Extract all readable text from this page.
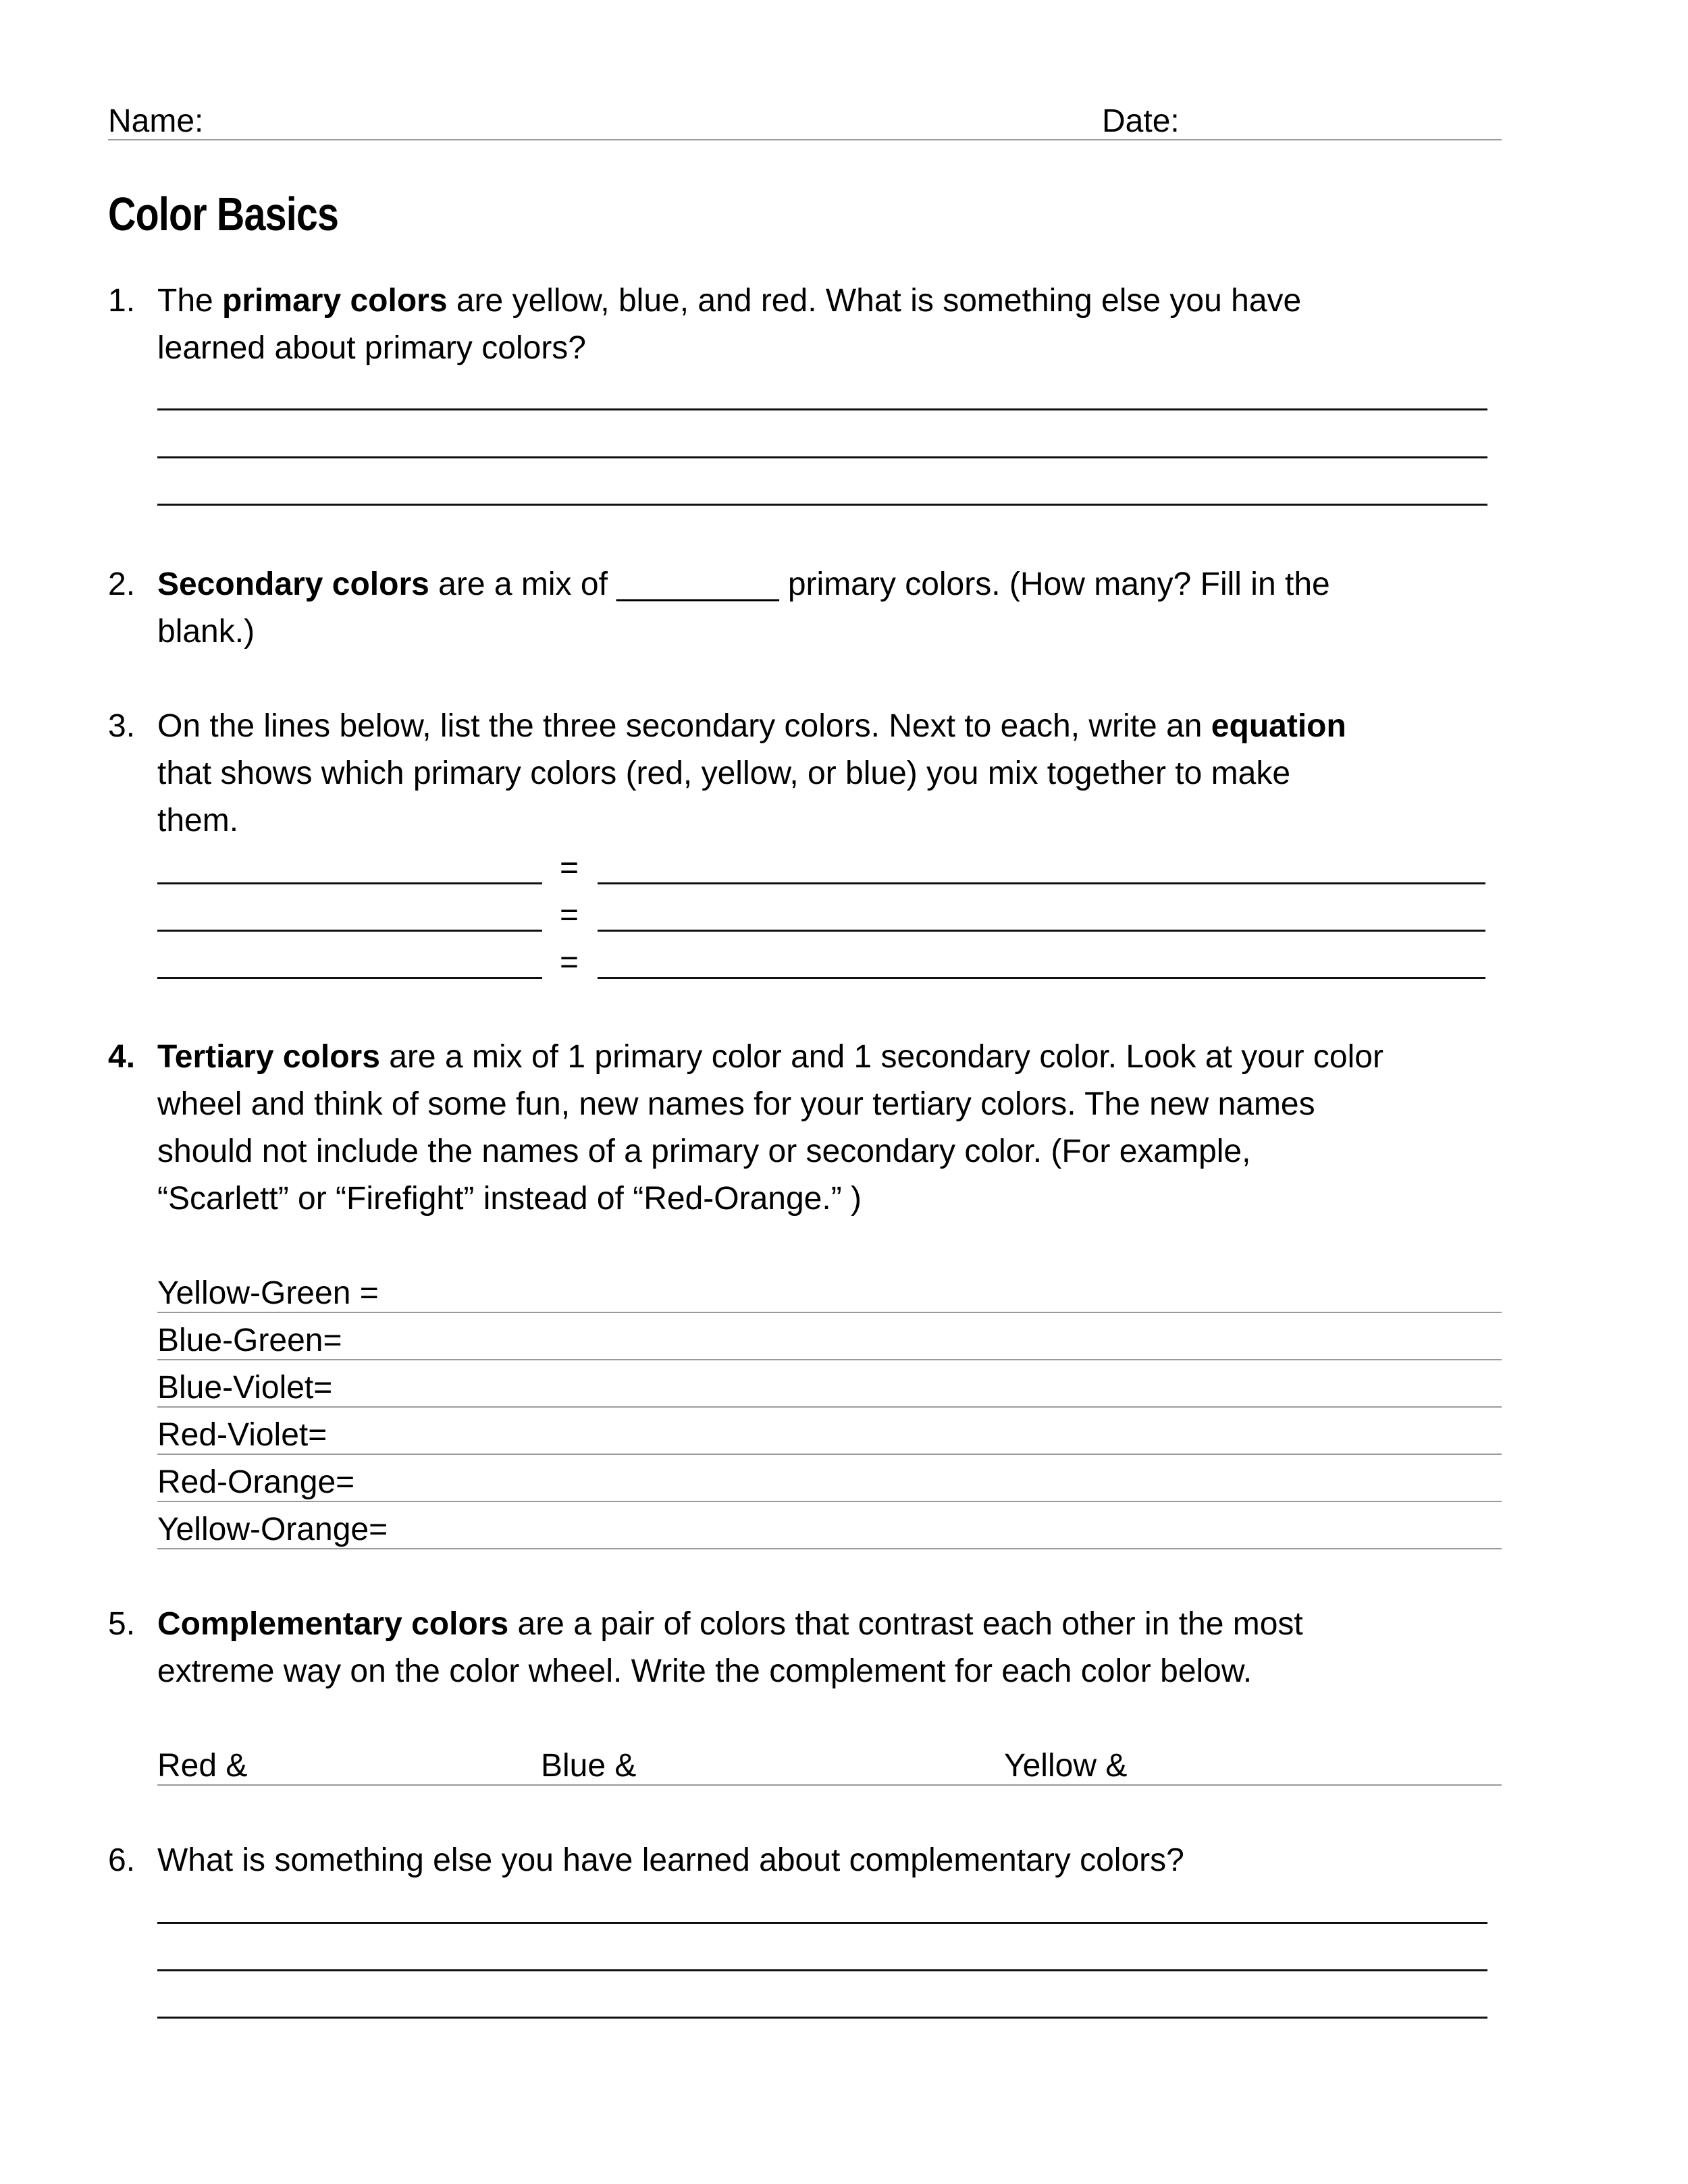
Name:	Date:
Color Basics
1. The primary colors are yellow, blue, and red. What is something else you have
learned about primary colors?
2. Secondary colors are a mix of _________ primary colors. (How many? Fill in the
blank.)
3. On the lines below, list the three secondary colors. Next to each, write an equation
that shows which primary colors (red, yellow, or blue) you mix together to make
them.
=
=
=
4. Tertiary colors are a mix of 1 primary color and 1 secondary color. Look at your color
wheel and think of some fun, new names for your tertiary colors. The new names
should not include the names of a primary or secondary color. (For example,
“Scarlett” or “Firefight” instead of “Red-Orange.” )
Yellow-Green =
Blue-Green=
Blue-Violet=
Red-Violet=
Red-Orange=
Yellow-Orange=
5. Complementary colors are a pair of colors that contrast each other in the most
extreme way on the color wheel. Write the complement for each color below.
Red &	Blue &	Yellow &
6. What is something else you have learned about complementary colors?
